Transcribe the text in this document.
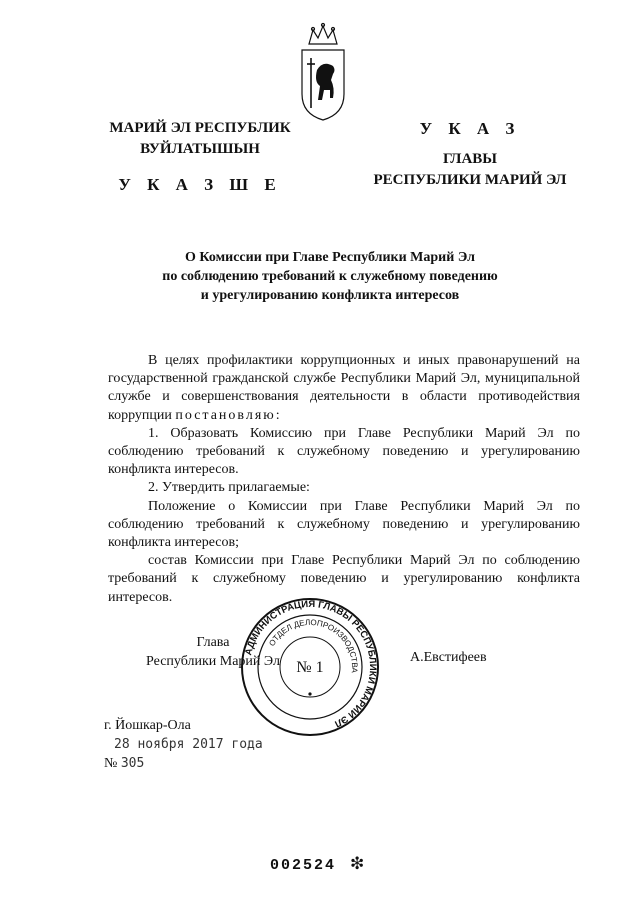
МАРИЙ ЭЛ РЕСПУБЛИК
ВУЙЛАТЫШЫН
У К А З Ш Е
У К А З
ГЛАВЫ
РЕСПУБЛИКИ МАРИЙ ЭЛ
О Комиссии при Главе Республики Марий Эл
по соблюдению требований к служебному поведению
и урегулированию конфликта интересов

В целях профилактики коррупционных и иных правонарушений на государственной гражданской службе Республики Марий Эл, муниципальной службе и совершенствования деятельности в области противодействия коррупции постановляю:

1. Образовать Комиссию при Главе Республики Марий Эл по соблюдению требований к служебному поведению и урегулированию конфликта интересов.

2. Утвердить прилагаемые:

Положение о Комиссии при Главе Республики Марий Эл по соблюдению требований к служебному поведению и урегулированию конфликта интересов;

состав Комиссии при Главе Республики Марий Эл по соблюдению требований к служебному поведению и урегулированию конфликта интересов.

Глава
Республики Марий Эл	А.Евстифеев
АДМИНИСТРАЦИЯ ГЛАВЫ РЕСПУБЛИКИ МАРИЙ ЭЛ
ОТДЕЛ ДЕЛОПРОИЗВОДСТВА
№ 1
г. Йошкар-Ола
28 ноября 2017 года
№ 305
002524 ❇
